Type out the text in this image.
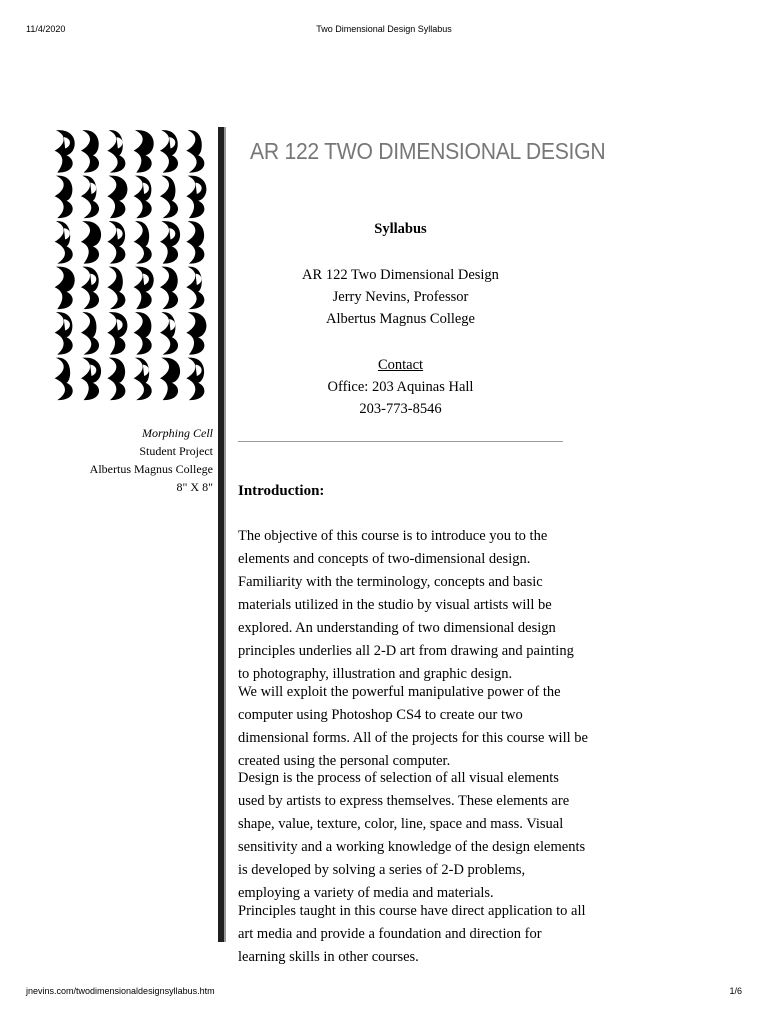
11/4/2020	Two Dimensional Design Syllabus
Morphing Cell
Student Project
Albertus Magnus College
8" X 8"
AR 122 TWO DIMENSIONAL DESIGN
Syllabus
AR 122 Two Dimensional Design
Jerry Nevins, Professor
Albertus Magnus College
Contact
Office: 203 Aquinas Hall
203-773-8546
Introduction:
The objective of this course is to introduce you to the elements and concepts of two-dimensional design. Familiarity with the terminology, concepts and basic materials utilized in the studio by visual artists will be explored. An understanding of two dimensional design principles underlies all 2-D art from drawing and painting to photography, illustration and graphic design.
We will exploit the powerful manipulative power of the computer using Photoshop CS4 to create our two dimensional forms. All of the projects for this course will be created using the personal computer.
Design is the process of selection of all visual elements used by artists to express themselves. These elements are shape, value, texture, color, line, space and mass. Visual sensitivity and a working knowledge of the design elements is developed by solving a series of 2-D problems, employing a variety of media and materials.
Principles taught in this course have direct application to all art media and provide a foundation and direction for learning skills in other courses.
jnevins.com/twodimensionaldesignsyllabus.htm	1/6
